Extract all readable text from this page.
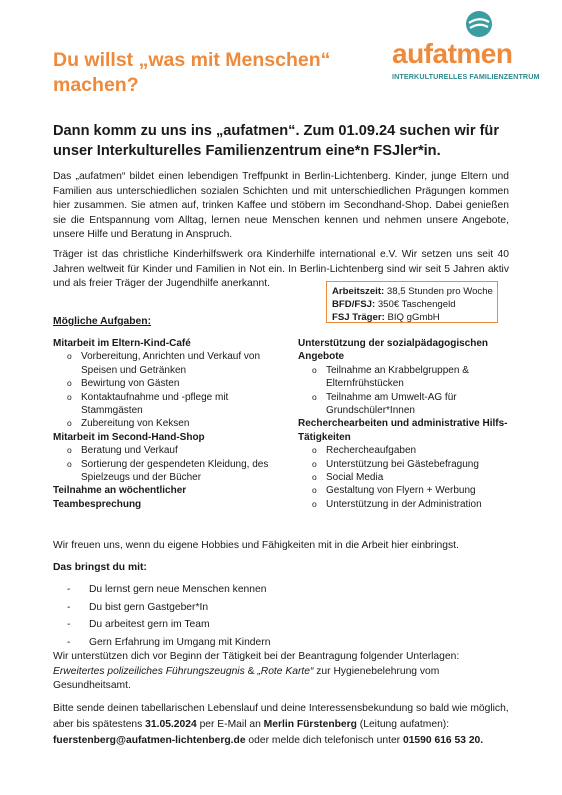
Du willst „was mit Menschen“ machen?
aufatmen
INTERKULTURELLES FAMILIENZENTRUM
Dann komm zu uns ins „aufatmen“. Zum 01.09.24 suchen wir für unser Interkulturelles Familienzentrum eine*n FSJler*in.
Das „aufatmen“ bildet einen lebendigen Treffpunkt in Berlin-Lichtenberg. Kinder, junge Eltern und Familien aus unterschiedlichen sozialen Schichten und mit unterschiedlichen Prägungen kommen hier zusammen. Sie atmen auf, trinken Kaffee und stöbern im Secondhand-Shop. Dabei genießen sie die Entspannung vom Alltag, lernen neue Menschen kennen und nehmen unsere Angebote, unsere Hilfe und Beratung in Anspruch.
Träger ist das christliche Kinderhilfswerk ora Kinderhilfe international e.V. Wir setzen uns seit 40 Jahren weltweit für Kinder und Familien in Not ein. In Berlin-Lichtenberg sind wir seit 5 Jahren aktiv und als freier Träger der Jugendhilfe anerkannt.
Arbeitszeit: 38,5 Stunden pro Woche
BFD/FSJ: 350€ Taschengeld
FSJ Träger: BIQ gGmbH
Mögliche Aufgaben:
Mitarbeit im Eltern-Kind-Café
o Vorbereitung, Anrichten und Verkauf von Speisen und Getränken
o Bewirtung von Gästen
o Kontaktaufnahme und -pflege mit Stammgästen
o Zubereitung von Keksen
Mitarbeit im Second-Hand-Shop
o Beratung und Verkauf
o Sortierung der gespendeten Kleidung, des Spielzeugs und der Bücher
Teilnahme an wöchentlicher Teambesprechung
Unterstützung der sozialpädagogischen Angebote
o Teilnahme an Krabbelgruppen & Elternfrühstücken
o Teilnahme am Umwelt-AG für Grundschüler*Innen
Recherchearbeiten und administrative Hilfs-Tätigkeiten
o Rechercheaufgaben
o Unterstützung bei Gästebefragung
o Social Media
o Gestaltung von Flyern + Werbung
o Unterstützung in der Administration
Wir freuen uns, wenn du eigene Hobbies und Fähigkeiten mit in die Arbeit hier einbringst.
Das bringst du mit:
- Du lernst gern neue Menschen kennen
- Du bist gern Gastgeber*In
- Du arbeitest gern im Team
- Gern Erfahrung im Umgang mit Kindern
Wir unterstützen dich vor Beginn der Tätigkeit bei der Beantragung folgender Unterlagen: Erweitertes polizeiliches Führungszeugnis & „Rote Karte“ zur Hygienebelehrung vom Gesundheitsamt.
Bitte sende deinen tabellarischen Lebenslauf und deine Interessensbekundung so bald wie möglich, aber bis spätestens 31.05.2024 per E-Mail an Merlin Fürstenberg (Leitung aufatmen):
fuerstenberg@aufatmen-lichtenberg.de oder melde dich telefonisch unter 01590 616 53 20.
